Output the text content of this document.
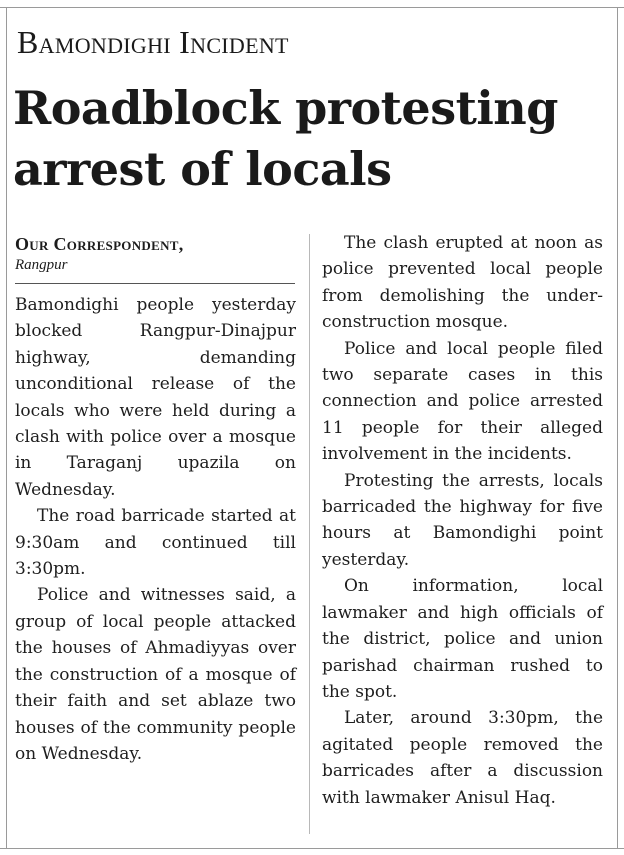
Bamondighi Incident
Roadblock protesting arrest of locals
Our Correspondent,
Rangpur

Bamondighi people yesterday blocked Rangpur-Dinajpur highway, demanding unconditional release of the locals who were held during a clash with police over a mosque in Taraganj upazila on Wednesday.

The road barricade started at 9:30am and continued till 3:30pm.

Police and witnesses said, a group of local people attacked the houses of Ahmadiyyas over the construction of a mosque of their faith and set ablaze two houses of the community people on Wednesday.

The clash erupted at noon as police prevented local people from demolishing the under-construction mosque.

Police and local people filed two separate cases in this connection and police arrested 11 people for their alleged involvement in the incidents.

Protesting the arrests, locals barricaded the highway for five hours at Bamondighi point yesterday.

On information, local lawmaker and high officials of the district, police and union parishad chairman rushed to the spot.

Later, around 3:30pm, the agitated people removed the barricades after a discussion with lawmaker Anisul Haq.
